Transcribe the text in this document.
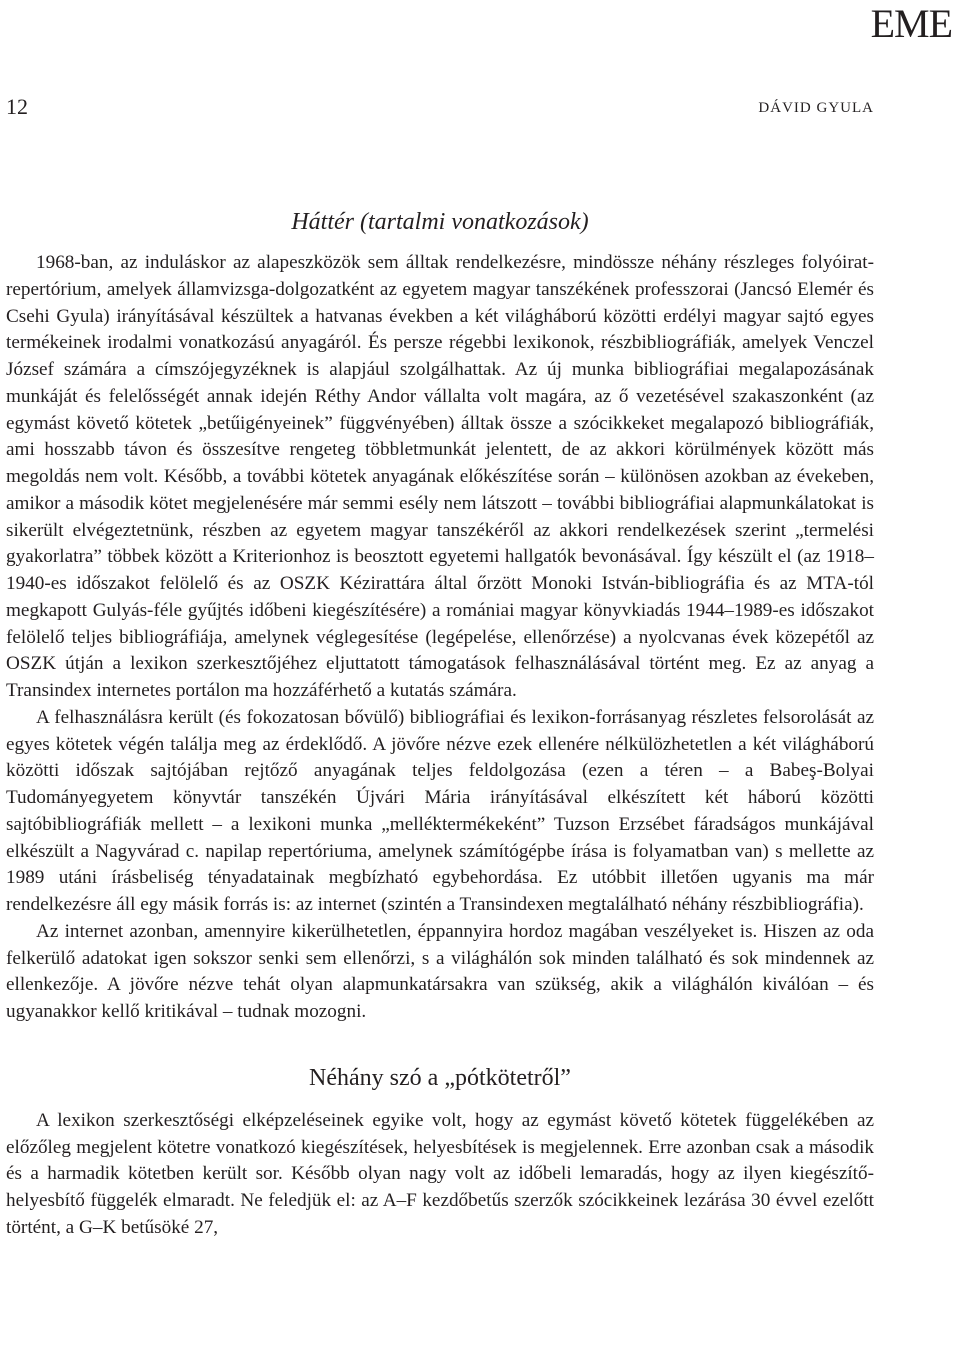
EME
12	DÁVID GYULA
Háttér (tartalmi vonatkozások)

1968-ban, az induláskor az alapeszközök sem álltak rendelkezésre, mindössze néhány részleges folyóirat-repertórium, amelyek államvizsga-dolgozatként az egyetem magyar tanszékének professzorai (Jancsó Elemér és Csehi Gyula) irányításával készültek a hatvanas években a két világháború közötti erdélyi magyar sajtó egyes termékeinek irodalmi vonatkozású anyagáról. És persze régebbi lexikonok, részbibliográfiák, amelyek Venczel József számára a címszójegyzéknek is alapjául szolgálhattak. Az új munka bibliográfiai megalapozásának munkáját és felelősségét annak idején Réthy Andor vállalta volt magára, az ő vezetésével szakaszonként (az egymást követő kötetek „betűigényeinek” függvényében) álltak össze a szócikkeket megalapozó bibliográfiák, ami hosszabb távon és összesítve rengeteg többletmunkát jelentett, de az akkori körülmények között más megoldás nem volt. Később, a további kötetek anyagának előkészítése során – különösen azokban az évekeben, amikor a második kötet megjelenésére már semmi esély nem látszott – további bibliográfiai alapmunkálatokat is sikerült elvégeztetnünk, részben az egyetem magyar tanszékéről az akkori rendelkezések szerint „termelési gyakorlatra” többek között a Kriterionhoz is beosztott egyetemi hallgatók bevonásával. Így készült el (az 1918–1940-es időszakot felölelő és az OSZK Kézirattára által őrzött Monoki István-bibliográfia és az MTA-tól megkapott Gulyás-féle gyűjtés időbeni kiegészítésére) a romániai magyar könyvkiadás 1944–1989-es időszakot felölelő teljes bibliográfiája, amelynek véglegesítése (legépelése, ellenőrzése) a nyolcvanas évek közepétől az OSZK útján a lexikon szerkesztőjéhez eljuttatott támogatások felhasználásával történt meg. Ez az anyag a Transindex internetes portálon ma hozzáférhető a kutatás számára.

A felhasználásra került (és fokozatosan bővülő) bibliográfiai és lexikon-forrásanyag részletes felsorolását az egyes kötetek végén találja meg az érdeklődő. A jövőre nézve ezek ellenére nélkülözhetetlen a két világháború közötti időszak sajtójában rejtőző anyagának teljes feldolgozása (ezen a téren – a Babeş-Bolyai Tudományegyetem könyvtár tanszékén Újvári Mária irányításával elkészített két háború közötti sajtóbibliográfiák mellett – a lexikoni munka „melléktermékeként” Tuzson Erzsébet fáradságos munkájával elkészült a Nagyvárad c. napilap repertóriuma, amelynek számítógépbe írása is folyamatban van) s mellette az 1989 utáni írásbeliség tényadatainak megbízható egybehordása. Ez utóbbit illetően ugyanis ma már rendelkezésre áll egy másik forrás is: az internet (szintén a Transindexen megtalálható néhány részbibliográfia).

Az internet azonban, amennyire kikerülhetetlen, éppannyira hordoz magában veszélyeket is. Hiszen az oda felkerülő adatokat igen sokszor senki sem ellenőrzi, s a világhálón sok minden található és sok mindennek az ellenkezője. A jövőre nézve tehát olyan alapmunkatársakra van szükség, akik a világhálón kiválóan – és ugyanakkor kellő kritikával – tudnak mozogni.

Néhány szó a „pótkötetről”

A lexikon szerkesztőségi elképzeléseinek egyike volt, hogy az egymást követő kötetek függelékében az előzőleg megjelent kötetre vonatkozó kiegészítések, helyesbítések is megjelennek. Erre azonban csak a második és a harmadik kötetben került sor. Később olyan nagy volt az időbeli lemaradás, hogy az ilyen kiegészítő-helyesbítő függelék elmaradt. Ne feledjük el: az A–F kezdőbetűs szerzők szócikkeinek lezárása 30 évvel ezelőtt történt, a G–K betűsöké 27,
